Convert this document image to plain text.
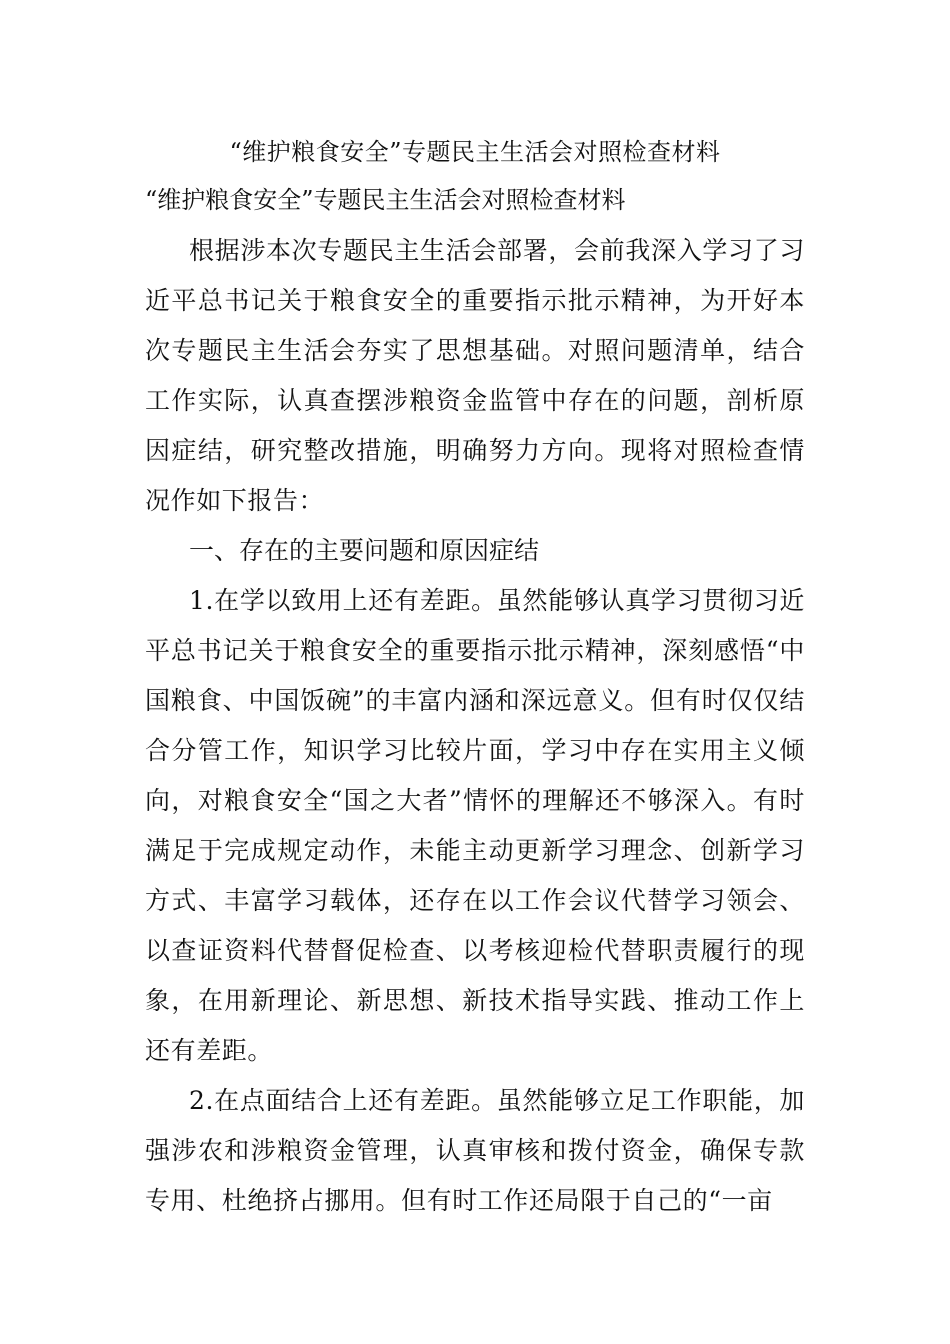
“维护粮食安全”专题民主生活会对照检查材料

“维护粮食安全”专题民主生活会对照检查材料

根据涉本次专题民主生活会部署，会前我深入学习了习近平总书记关于粮食安全的重要指示批示精神，为开好本次专题民主生活会夯实了思想基础。对照问题清单，结合工作实际，认真查摆涉粮资金监管中存在的问题，剖析原因症结，研究整改措施，明确努力方向。现将对照检查情况作如下报告：

一、存在的主要问题和原因症结

1.在学以致用上还有差距。虽然能够认真学习贯彻习近平总书记关于粮食安全的重要指示批示精神，深刻感悟“中国粮食、中国饭碗”的丰富内涵和深远意义。但有时仅仅结合分管工作，知识学习比较片面，学习中存在实用主义倾向，对粮食安全“国之大者”情怀的理解还不够深入。有时满足于完成规定动作，未能主动更新学习理念、创新学习方式、丰富学习载体，还存在以工作会议代替学习领会、以查证资料代替督促检查、以考核迎检代替职责履行的现象，在用新理论、新思想、新技术指导实践、推动工作上还有差距。

2.在点面结合上还有差距。虽然能够立足工作职能，加强涉农和涉粮资金管理，认真审核和拨付资金，确保专款专用、杜绝挤占挪用。但有时工作还局限于自己的“一亩
